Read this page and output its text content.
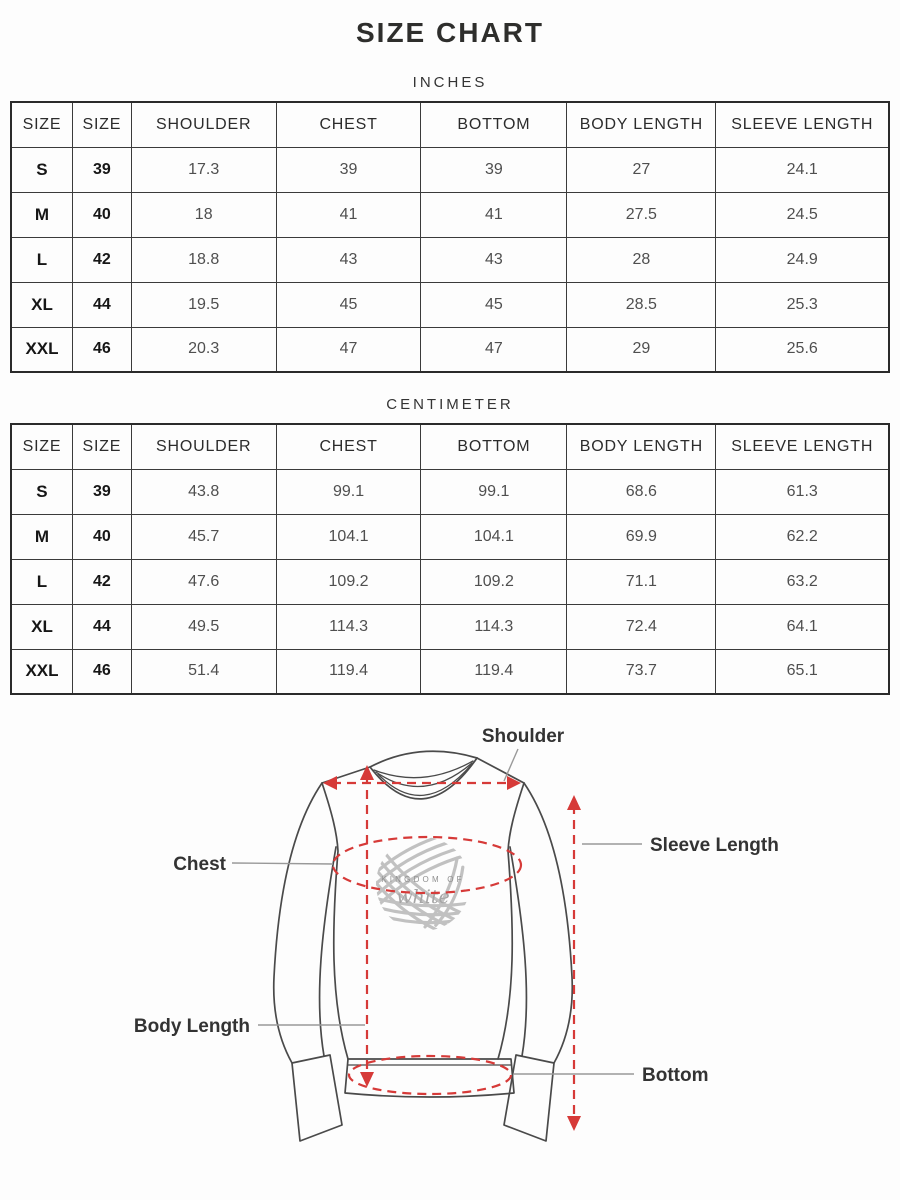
SIZE CHART
INCHES
SIZE	SIZE	SHOULDER	CHEST	BOTTOM	BODY LENGTH	SLEEVE LENGTH
S	39	17.3	39	39	27	24.1
M	40	18	41	41	27.5	24.5
L	42	18.8	43	43	28	24.9
XL	44	19.5	45	45	28.5	25.3
XXL	46	20.3	47	47	29	25.6
CENTIMETER
SIZE	SIZE	SHOULDER	CHEST	BOTTOM	BODY LENGTH	SLEEVE LENGTH
S	39	43.8	99.1	99.1	68.6	61.3
M	40	45.7	104.1	104.1	69.9	62.2
L	42	47.6	109.2	109.2	71.1	63.2
XL	44	49.5	114.3	114.3	72.4	64.1
XXL	46	51.4	119.4	119.4	73.7	65.1
KINGDOM OF
white
Shoulder
Chest
Sleeve Length
Body Length
Bottom
